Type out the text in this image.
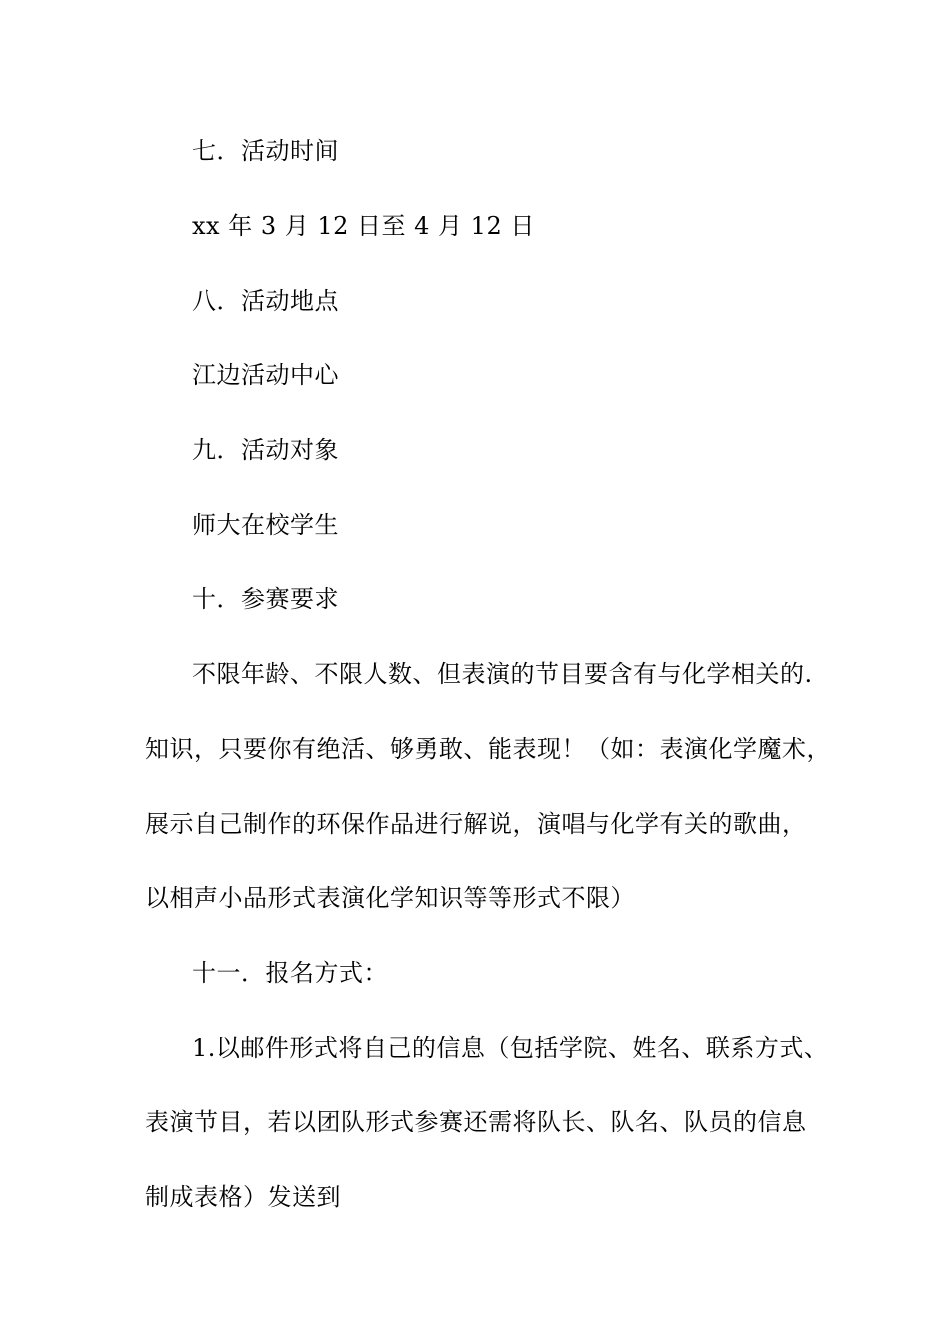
七．活动时间
xx 年 3 月 12 日至 4 月 12 日
八．活动地点
江边活动中心
九．活动对象
师大在校学生
十．参赛要求
不限年龄、不限人数、但表演的节目要含有与化学相关的.
知识，只要你有绝活、够勇敢、能表现！（如：表演化学魔术，
展示自己制作的环保作品进行解说，演唱与化学有关的歌曲，
以相声小品形式表演化学知识等等形式不限）
十一．报名方式：
1.以邮件形式将自己的信息（包括学院、姓名、联系方式、
表演节目，若以团队形式参赛还需将队长、队名、队员的信息
制成表格）发送到
